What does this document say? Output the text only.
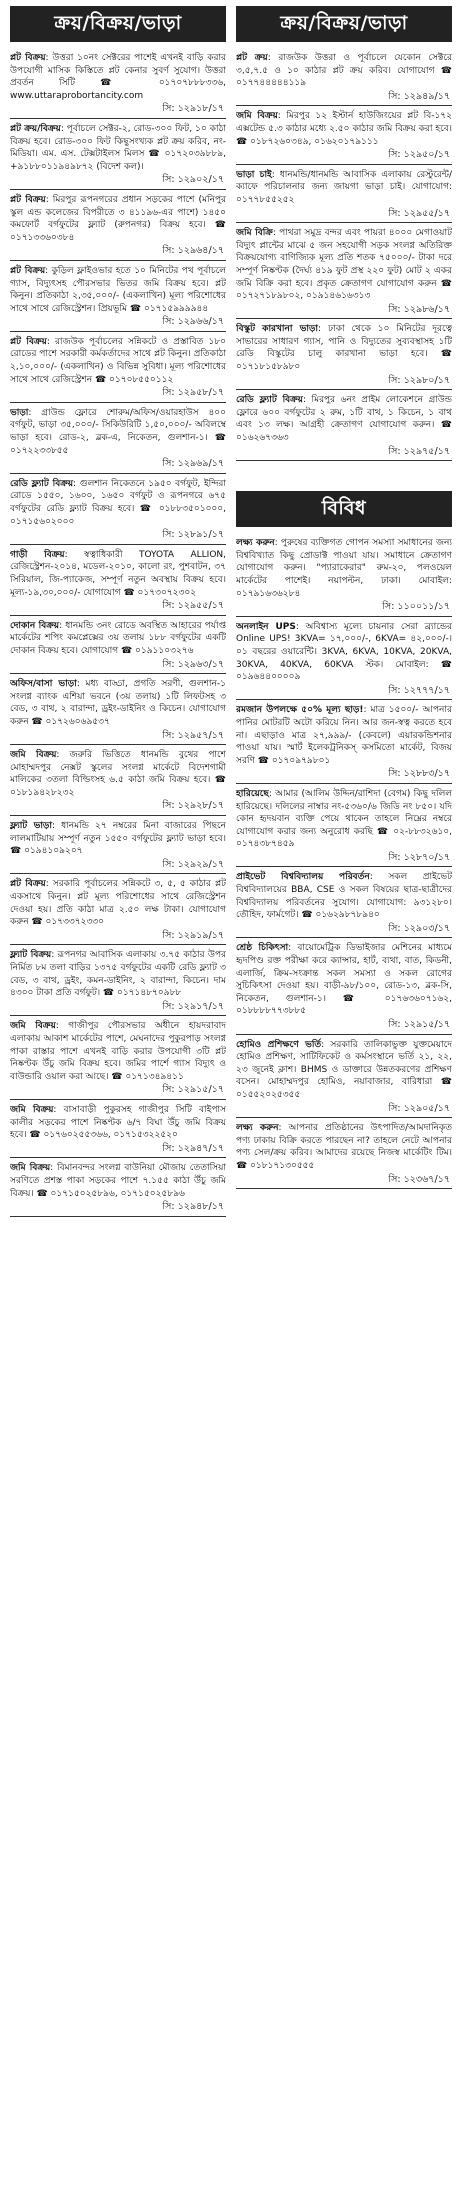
ক্রয়/বিক্রয়/ভাড়া
প্লট বিক্রয়: উত্তরা ১০নং সেক্টরের পাশেই এখনই বাড়ি করার উপযোগী মাসিক কিস্তিতে প্লট কেনার সুবর্ণ সুযোগ। উত্তরা প্রবর্তন সিটি ☎ ০১৭০৭৮৮৮৩৩৬, www.uttaraprobortancity.com
সি: ১২৯১৮/১৭
প্লট ক্রয়/বিক্রয়: পূর্বাচলে সেক্টর-২, রোড-৩০০ ফিট, ১০ কাঠা বিক্রয় হবে। রোড-৩০০ ফিট কিছুসংখ্যক প্লট ক্রয় করিব, নং-মিডিয়া। এম. এস. টেক্সটাইলস মিলস ☎ ০১৭২০৩৯৮৮৯, +৯১৮৮০১১৯৪৯৮৭২ (বিদেশ কল)।
সি: ১২৯০২/১৭
প্লট বিক্রয়: মিরপুর রূপনগরের প্রধান সড়কের পাশে (মনিপুর স্কুল এন্ড কলেজের বিপরীতে ৩ ৪১১৯৬-এর পাশে) ১৪৫০ কমফোর্ট বর্গফুটের ফ্ল্যাট (রুপনগর) বিক্রয় হবে। ☎ ০১৭১৩৩৬০৩৮৪
সি: ১২৯৬৪/১৭
প্লট বিক্রয়: কুড়িল ফ্লাইওভার হতে ১০ মিনিটের পথ পূর্বাচলে গ্যাস, বিদ্যুৎসহ পৌরসভার ভিতর জমি বিক্রয় হবে। প্লট কিনুন। প্রতিকাঠা ২,৩৫,০০০/- (একলাখিন) মূল্য পরিশোধের সাথে সাথে রেজিস্ট্রেশন। প্রিয়ভূমি ☎ ০১৭১৫৯৯৯৯৪৪
সি: ১২৯৬৬/১৭
প্লট বিক্রয়: রাজউক পূর্বাচলের সন্নিকটে ও প্রস্তাবিত ১৮০ রোডের পাশে সরকারী কর্মকর্তাদের সাথে প্লট কিনুন। প্রতিকাঠা ২,১০,০০০/- (একলাখিন) ও বিভিন্ন সুবিধা। মূল্য পরিশোধের সাথে সাথে রেজিস্ট্রেশন ☎ ০১৭০৮৫৫০১১২
সি: ১২৯৫৮/১৭
ভাড়া: গ্রাউন্ড ফ্লোরে শোরুম/অফিস/ওয়ারহাউস ৪০০ বর্গফুট, ভাড়া ৩৫,০০০/- সিকিউরিটি ১,৫০,০০০/- অবিলম্বে ভাড়া হবে। রোড-২, ব্লক-এ, নিকেতন, গুলশান-১। ☎ ০১৭২২৩৩৮৫৫
সি: ১২৯৬৯/১৭
রেডি ফ্ল্যাট বিক্রয়: গুলশান নিকেতনে ১৯৫০ বর্গফুট, ইন্দিরা রোডে ১৫৫০, ১৬০০, ১৬৫০ বর্গফুট ও রূপনগরে ৬৭৫ বর্গফুটের রেডি ফ্ল্যাট বিক্রয় হবে। ☎ ০১৮৮৩৫০১০০০, ০১৭১৫৬০২০০০
সি: ১২৮৯১/১৭
গাড়ী বিক্রয়: স্বত্বাধিকারী TOYOTA ALLION, রেজিস্ট্রেশন-২০১৪, মডেল-২০১০, কালো রং, পুশবাটন, ৩৭ সিরিয়াল, জি-প্যাকেজ, সম্পূর্ণ নতুন অবস্থায় বিক্রয় হবে। মূল্য-১৯,৩০,০০০/- যোগাযোগ ☎ ০১৭৩০৭২৩০২
সি: ১২৯৫৫/১৭
দোকান বিক্রয়: ধানমন্ডি ৩নং রোডে অবস্থিত আহারের পর্যাপ্ত মার্কেটের শপিং কমপ্লেক্সের ৩য় তলায় ১৮৮ বর্গফুটের একটি দোকান বিক্রয় হবে। যোগাযোগ ☎ ০১৯১১০৩২৭৬
সি: ১২৯৬৩/১৭
অফিস/বাসা ভাড়া: মধ্য বাড্ডা, প্রগতি সরণী, গুলশান-১ সংলগ্ন ব্যাংক এশিয়া ভবনে (৩য় তলায়) ১টি লিফটসহ ৩ বেড, ৩ বাথ, ২ বারান্দা, ড্রইং-ডাইনিং ও কিচেন। যোগাযোগ করুন ☎ ০১৭২৬০৬৯৫৩৭
সি: ১২৯৫৭/১৭
জমি বিক্রয়: জরুরি ভিত্তিতে ধানমন্ডি বুথের পাশে মোহাম্মদপুর নেক্সট স্কুলের সংলগ্ন মার্কেটে বিদেশগামী মালিকের ৩তলা বিল্ডিংসহ ৬.৫ কাঠা জমি বিক্রয় হবে। ☎ ০১৮১৯৪২৮২৩২
সি: ১২৯২৮/১৭
ফ্ল্যাট ভাড়া: ধানমন্ডি ২৭ নম্বরের মিনা বাজারের পিছনে লালমাটিয়ায় সম্পূর্ণ নতুন ১৫৫০ বর্গফুটের ফ্ল্যাট ভাড়া হবে। ☎ ০১৯৪১০৯২০৭
সি: ১২৯২৯/১৭
প্লট বিক্রয়: সরকারি পূর্বাচলের সন্নিকটে ৩, ৫, ৫ কাঠার প্লট একসাথে কিনুন। প্লট মূল্য পরিশোধের সাথে রেজিস্ট্রেশন দেওয়া হয়। প্রতি কাঠা মাত্র ২.৫০ লক্ষ টাকা। যোগাযোগ করুন ☎ ০১৭৩৩৭২৩৩০
সি: ১২৯১৯/১৭
ফ্ল্যাট বিক্রয়: রূপনগর আবাসিক এলাকায় ৩.৭৫ কাঠার উপর নির্মিত ৮ম তলা বাড়ির ১৩৭৫ বর্গফুটের একটি রেডি ফ্ল্যাট ৩ বেড, ৩ বাথ, ড্রইং, কমন-ডাইনিং, ২ বারান্দা, কিচেন। দাম ৪৩০০ টাকা প্রতি বর্গফুট। ☎ ০১৭১৪৮৭০৯৮৮
সি: ১২৯১৭/১৭
জমি বিক্রয়: গাজীপুর পৌরসভার অধীনে হায়দরাবাদ এলাকায় আকাশ মার্কেটের পাশে, মেঘনাদের পুকুরপাড় সংলগ্ন পাকা রাস্তার পাশে এখনই বাড়ি করার উপযোগী ৩টি প্লট নিষ্কণ্টক উঁচু জমি বিক্রয় হবে। জমির পার্শে গ্যাস বিদ্যুৎ ও বাউন্ডারি ওয়াল করা আছে। ☎ ০১৭১৩৪৯৪১১
সি: ১২৯১৫/১৭
জমি বিক্রয়: বাসাবাড়ী পুকুরসহ গাজীপুর সিটি বাইপাস কালীর সড়কের পাশে নিষ্কণ্টক ৬/৭ বিঘা উঁচু জমি বিক্রয় হবে। ☎ ০১৭৬০২৫৫৩৬৬, ০১৭১৫৩২২৫২০
সি: ১২৯৪৭/১৭
জমি বিক্রয়: বিমানবন্দর সংলগ্ন বাউনিয়া মৌজায় তেতাসিয়া সরণিতে প্রশস্ত পাকা সড়কের পাশে ৭.১৫৫ কাঠা উঁচু জমি বিক্রয়। ☎ ০১৭১৫০২৫৮৯৬, ০১৭১৫০২৫৮৯৬
সি: ১২৯৪৮/১৭
ক্রয়/বিক্রয়/ভাড়া
প্লট ক্রয়: রাজউক উত্তরা ও পূর্বাচলে যেকোন সেক্টরে ৩,৫,৭.৫ ও ১০ কাঠার প্লট ক্রয় করিব। যোগাযোগ ☎ ০১৭৭৪৪৪৪৪১১৯
সি: ১২৯৪৯/১৭
জমি বিক্রয়: মিরপুর ১২ ইস্টার্ন হাউজিংয়ের প্লট বি-১৭২ এক্সটেন্ড ৫.৩ কাঠার মধ্যে ২.৫০ কাঠার জমি বিক্রয় করা হবে। ☎ ০১৮৭২৬০৩৪৯, ০১৬২০১৭৯১১১
সি: ১২৯৫০/১৭
ভাড়া চাই: ধানমন্ডি/ধানমন্ডি আবাসিক এলাকায় রেস্টুরেন্ট/ক্যাফে পরিচালনার জন্য জায়গা ভাড়া চাই। যোগাযোগ: ০১৭৭৮৫৫২৫২
সি: ১২৯৫৫/১৭
জমি বিক্রি: পাথরা সমুদ্র বন্দর এবং পায়রা ৪০০০ মেগাওয়াট বিদ্যুৎ প্লান্টের মাঝে ৫ জন সহযোগী সড়ক সংলগ্ন অতিরিক্ত বিক্রয়যোগ্য বাণিজ্যিক মূল্য প্রতি শতক ৭৫০০০/- টাকা দরে সম্পূর্ণ নিষ্কণ্টক (দৈর্ঘ্য ৪১৯ ফুট প্রস্থ ২২০ ফুট) মোট ২ একর জমি বিক্রি করা হবে। প্রকৃত ক্রেতাগণ যোগাযোগ করুন ☎ ০১৭২৭১৮৯৮০২, ০১৯১৪৬১৬৩১৩
সি: ১২৯৮৬/১৭
বিস্কুট কারখানা ভাড়া: ঢাকা থেকে ১০ মিনিটের দূরত্বে সাভারের সাধারণ গ্যাস, পানি ও বিদ্যুতের সুব্যবস্থাসহ ১টি রেডি বিস্কুটের চালু কারখানা ভাড়া হবে। ☎ ০১৭১৮১৫৮৯৮০
সি: ১২৯৮০/১৭
রেডি ফ্ল্যাট বিক্রয়: মিরপুর ৬নং প্রাইম লোকেশনে গ্রাউন্ড ফ্লোরে ৬০০ বর্গফুটের ২ রুম, ১টি বাথ, ১ কিচেন, ১ বাথ এবং ১৩ লক্ষ। আগ্রহী ক্রেতাগণ যোগাযোগ করুন। ☎ ০১৬২৬৭৩৬৩
সি: ১২৯৭৫/১৭
বিবিধ
লক্ষ্য করুন: পুরুষের ব্যক্তিগত গোপন সমস্যা সমাধানের জন্য বিশ্ববিখ্যাত কিছু প্রোডাক্ট পাওয়া যায়। সমাধানে ক্রেতাগণ যোগাযোগ করুন। "প্যারাকেরার" রুম-২০, পলওয়েল মার্কেটের পাশেই। নয়াপল্টন, ঢাকা। মোবাইল: ০১৭৯১৬৩৬২৮৪
সি: ১১০০১১/১৭
অনলাইন UPS: অবিশ্বাস্য মূল্যে চায়নার সেরা ব্র্যান্ডের Online UPS! 3KVA= ১৭,০০০/-, 6KVA= ৪২,০০০/-। ০১ বছরের ওয়ারেন্টি। 3KVA, 6KVA, 10KVA, 20KVA, 30KVA, 40KVA, 60KVA স্টক। মোবাইল: ☎ ০১৯৬৪৪০০০০৯
সি: ১২৭৭৭/১৭
রমজান উপলক্ষে ৫০% মূল্য ছাড়!: মাত্র ১৫০০/- আপনার পানির মোটরটি অটো করিয়ে নিন। আর জন-স্বত্ব করতে হবে না। এছাড়াও মাত্র ২৭,৯৯৯/- (কেবলে) এয়ারকন্ডিশনার পাওয়া যায়। স্মার্ট ইলেকট্রনিকস্ কসমিতো মার্কেট, বিজয় সরণি ☎ ০১৭০৯৭৯৮০১
সি: ১২৮৮৩/১৭
হারিয়েছে: আমার (আলিম উদ্দিন/রাশিদা (বেগম) কিছু দলিল হারিয়েছে। দলিলের নাম্বার নং-৫৩৬০/৬ জিডি নং ৮৫০। যদি কোন হৃদয়বান ব্যক্তি পেয়ে থাকেন তাহলে নিম্নের নম্বরে যোগাযোগ করার জন্য অনুরোধ করছি ☎ ০২-৮৮৩২৬১০, ০১৭৪৩৮৭৪৫৯
সি: ১২৮৭০/১৭
প্রাইভেট বিশ্ববিদ্যালয় পরিবর্তন: সকল প্রাইভেট বিশ্ববিদ্যালয়ের BBA, CSE ও সকল বিষয়ের ছাত্র-ছাত্রীদের বিশ্ববিদ্যালয় পরিবর্তনের সুযোগ। যোগাযোগ: ৯৩১২৮০। তৌহিদ, ফার্মগেট। ☎ ০১৬২৯৮৭৮৯৪০
সি: ১২৯০৩/১৭
শ্রেষ্ঠ চিকিৎসা: বায়োমেট্রিক ডিভাইজার মেশিনের মাধ্যমে হৃদপিণ্ড রক্ত পরীক্ষা করে ক্যান্সার, হার্ট, ব্যথা, বাত, কিডনী, এলার্জি, ক্রিম-সংক্রান্ত সকল সমস্যা ও সকল রোগের সুচিকিৎসা দেওয়া হয়। বাড়ী-৯৮/১০০, রোড-১৩, ব্লক-সি, নিকেতন, গুলশান-১। ☎ ০১৭৬৩৬০৭১৬২, ০১৮৮৮৮৭৭৩৮৮৫
সি: ১২৯১৫/১৭
হোমিও প্রশিক্ষণে ভর্তি: সরকারি তালিকাভুক্ত যুক্তমেয়াদে হোমিও প্রশিক্ষণ, সাটিফিকেট ও কর্মসংস্থানে ভর্তি ২১, ২২, ২৩ জুনেই ক্লাশ। BHMS ও ডাক্তারে উন্নতকরণের প্রশিক্ষণ বসেন। মোহাম্মদপুর হোমিও, নয়াবাজার, বারিধারা ☎ ০১৫৫২০২৫৩৫৫
সি: ১২৯০৫/১৭
লক্ষ্য করুন: আপনার প্রতিষ্ঠানের উৎপাদিত/আমদানিকৃত পণ্য ঢাকায় বিক্রি করতে পারছেন না? তাহলে নেটে আপনার পণ্য সেল/ক্রয় করিব। আমাদের রয়েছে নিজস্ব মার্কেটিং টিম। ☎ ০১৮১৭১৩০৫৫৫
সি: ১২৩৬৭/১৭
